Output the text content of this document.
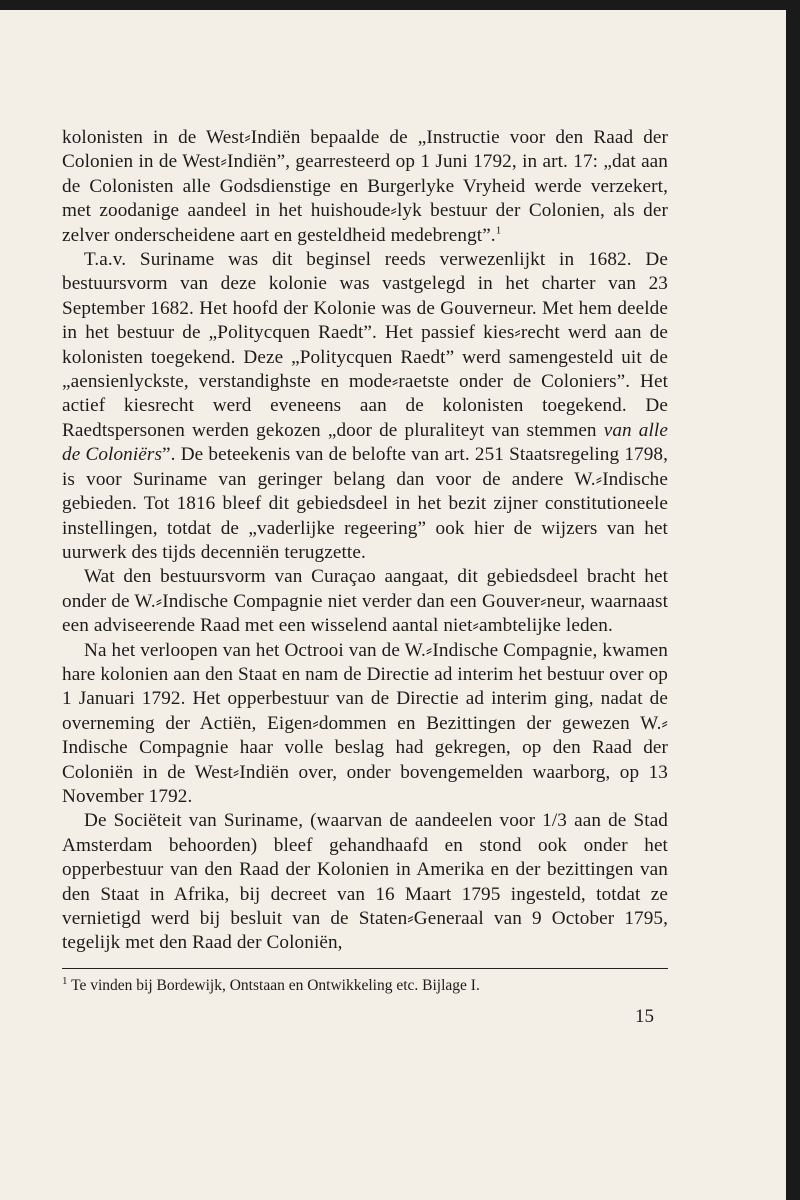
kolonisten in de West⸗Indiën bepaalde de „Instructie voor den Raad der Colonien in de West⸗Indiën”, gearresteerd op 1 Juni 1792, in art. 17: „dat aan de Colonisten alle Godsdienstige en Burgerlyke Vryheid werde verzekert, met zoodanige aandeel in het huishoude⸗lyk bestuur der Colonien, als der zelver onderscheidene aart en gesteldheid medebrengt”.$^1$

T.a.v. Suriname was dit beginsel reeds verwezenlijkt in 1682. De bestuursvorm van deze kolonie was vastgelegd in het charter van 23 September 1682. Het hoofd der Kolonie was de Gouverneur. Met hem deelde in het bestuur de „Politycquen Raedt”. Het passief kies⸗recht werd aan de kolonisten toegekend. Deze „Politycquen Raedt” werd samengesteld uit de „aensienlyckste, verstandighste en mode⸗raetste onder de Coloniers”. Het actief kiesrecht werd eveneens aan de kolonisten toegekend. De Raedtspersonen werden gekozen „door de pluraliteyt van stemmen van alle de Coloniërs”. De beteekenis van de belofte van art. 251 Staatsregeling 1798, is voor Suriname van geringer belang dan voor de andere W.⸗Indische gebieden. Tot 1816 bleef dit gebiedsdeel in het bezit zijner constitutioneele instellingen, totdat de „vaderlijke regeering” ook hier de wijzers van het uurwerk des tijds decenniën terugzette.

Wat den bestuursvorm van Curaçao aangaat, dit gebiedsdeel bracht het onder de W.⸗Indische Compagnie niet verder dan een Gouver⸗neur, waarnaast een adviseerende Raad met een wisselend aantal niet⸗ambtelijke leden.

Na het verloopen van het Octrooi van de W.⸗Indische Compagnie, kwamen hare kolonien aan den Staat en nam de Directie ad interim het bestuur over op 1 Januari 1792. Het opperbestuur van de Directie ad interim ging, nadat de overneming der Actiën, Eigen⸗dommen en Bezittingen der gewezen W.⸗Indische Compagnie haar volle beslag had gekregen, op den Raad der Coloniën in de West⸗Indiën over, onder bovengemelden waarborg, op 13 November 1792.

De Sociëteit van Suriname, (waarvan de aandeelen voor 1/3 aan de Stad Amsterdam behoorden) bleef gehandhaafd en stond ook onder het opperbestuur van den Raad der Kolonien in Amerika en der bezittingen van den Staat in Afrika, bij decreet van 16 Maart 1795 ingesteld, totdat ze vernietigd werd bij besluit van de Staten⸗Generaal van 9 October 1795, tegelijk met den Raad der Coloniën,

$^1$ Te vinden bij Bordewijk, Ontstaan en Ontwikkeling etc. Bijlage I.
15
